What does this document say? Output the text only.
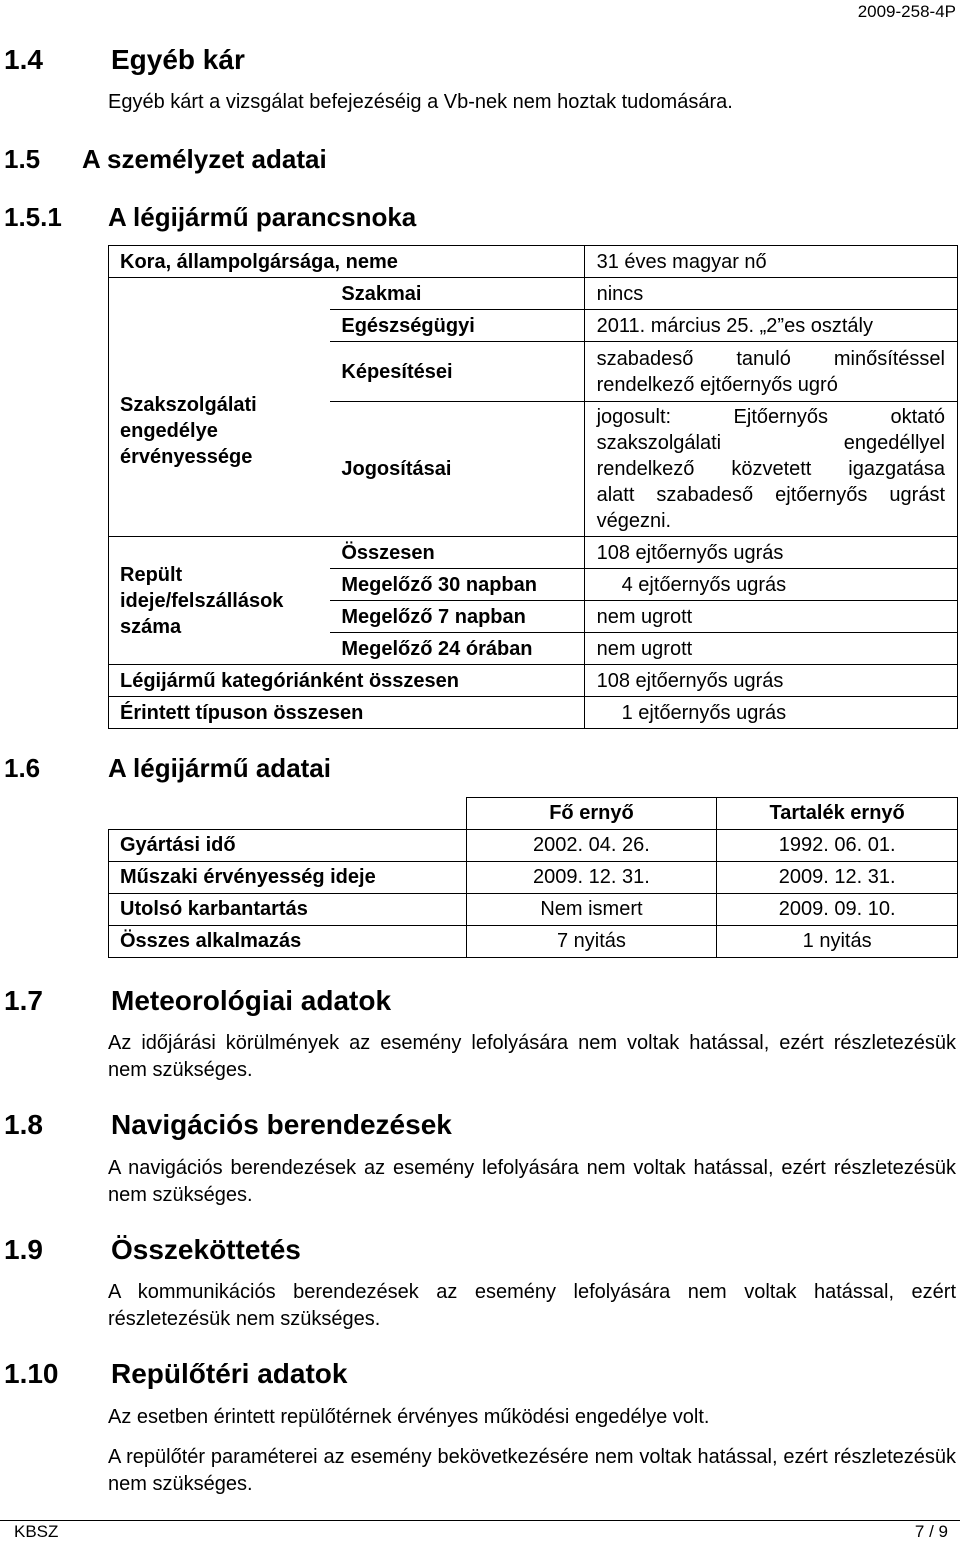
2009-258-4P
1.4 Egyéb kár
Egyéb kárt a vizsgálat befejezéséig a Vb-nek nem hoztak tudomására.
1.5 A személyzet adatai
1.5.1 A légijármű parancsnoka
Kora, állampolgársága, neme		31 éves magyar nő
Szakszolgálati engedélye érvényessége	Szakmai	nincs
	Egészségügyi	2011. március 25. „2”es osztály
	Képesítései	szabadeső tanuló minősítéssel rendelkező ejtőernyős ugró

	Jogosításai	jogosult: Ejtőernyős oktató
szakszolgálati engedéllyel
rendelkező közvetett igazgatása
alatt szabadeső ejtőernyős ugrást
végezni.

Repült ideje/felszállások száma	Összesen	108 ejtőernyős ugrás
	Megelőző 30 napban	4 ejtőernyős ugrás
	Megelőző 7 napban	nem ugrott
	Megelőző 24 órában	nem ugrott
Légijármű kategóriánként összesen		108 ejtőernyős ugrás
Érintett típuson összesen		1 ejtőernyős ugrás
1.6	A légijármű adatai
	Fő ernyő	Tartalék ernyő
Gyártási idő	2002. 04. 26.	1992. 06. 01.
Műszaki érvényesség ideje	2009. 12. 31.	2009. 12. 31.
Utolsó karbantartás	Nem ismert	2009. 09. 10.
Összes alkalmazás	7 nyitás	1 nyitás
1.7 Meteorológiai adatok
Az időjárási körülmények az esemény lefolyására nem voltak hatással, ezért részletezésük nem szükséges.
1.8 Navigációs berendezések
A navigációs berendezések az esemény lefolyására nem voltak hatással, ezért részletezésük nem szükséges.
1.9 Összeköttetés
A kommunikációs berendezések az esemény lefolyására nem voltak hatással, ezért részletezésük nem szükséges.
1.10 Repülőtéri adatok
Az esetben érintett repülőtérnek érvényes működési engedélye volt.
A repülőtér paraméterei az esemény bekövetkezésére nem voltak hatással, ezért részletezésük nem szükséges.
KBSZ	7 / 9
